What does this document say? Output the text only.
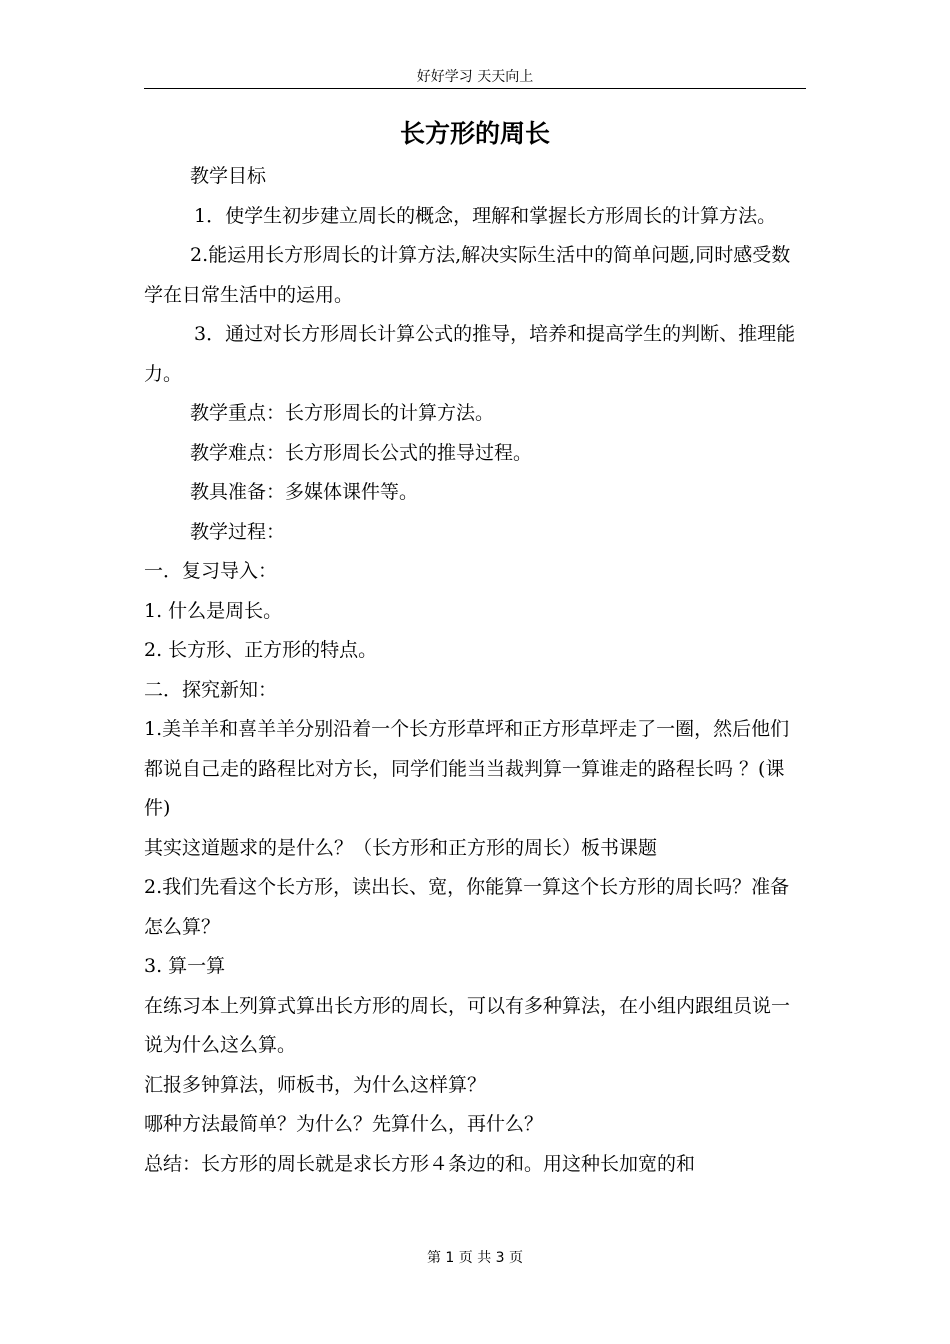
好好学习 天天向上
长方形的周长

教学目标

1．使学生初步建立周长的概念，理解和掌握长方形周长的计算方法。

2.能运用长方形周长的计算方法,解决实际生活中的简单问题,同时感受数学在日常生活中的运用。

3．通过对长方形周长计算公式的推导，培养和提高学生的判断、推理能力。

教学重点：长方形周长的计算方法。

教学难点：长方形周长公式的推导过程。

教具准备：多媒体课件等。

教学过程：

一．复习导入：

1. 什么是周长。

2. 长方形、正方形的特点。

二．探究新知：

1.美羊羊和喜羊羊分别沿着一个长方形草坪和正方形草坪走了一圈，然后他们都说自己走的路程比对方长，同学们能当当裁判算一算谁走的路程长吗 ？(课件)

其实这道题求的是什么？（长方形和正方形的周长）板书课题

2.我们先看这个长方形，读出长、宽，你能算一算这个长方形的周长吗？准备怎么算？

3. 算一算

在练习本上列算式算出长方形的周长，可以有多种算法，在小组内跟组员说一说为什么这么算。

汇报多钟算法，师板书，为什么这样算？

哪种方法最简单？为什么？先算什么，再什么？

总结：长方形的周长就是求长方形４条边的和。用这种长加宽的和

第 1 页 共 3 页
